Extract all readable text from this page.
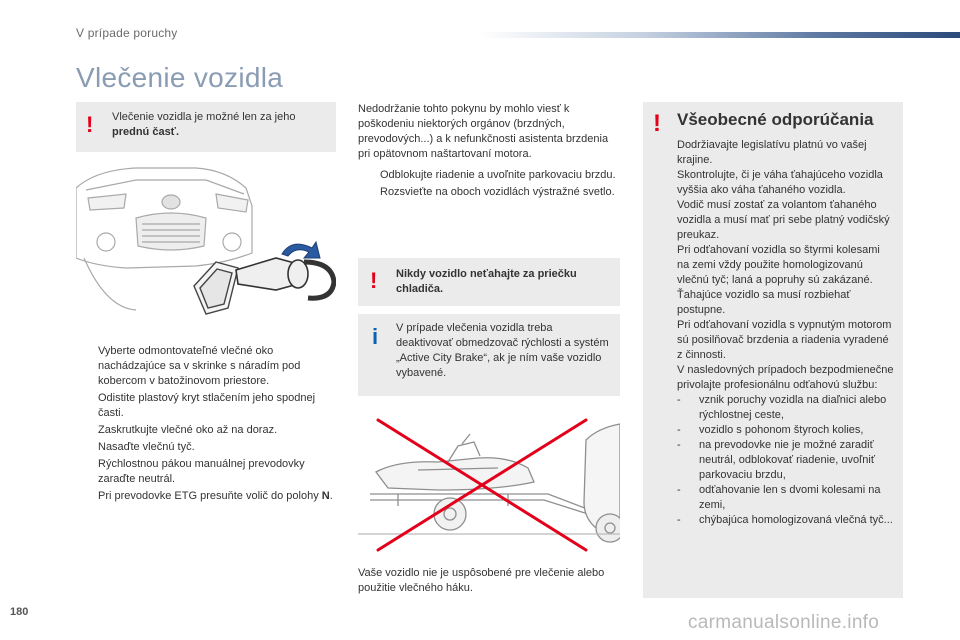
V prípade poruchy
Vlečenie vozidla
! Vlečenie vozidla je možné len za jeho
prednú časť.
Vyberte odmontovateľné vlečné oko nachádzajúce sa v skrinke s náradím pod kobercom v batožinovom priestore.
Odistite plastový kryt stlačením jeho spodnej časti.
Zaskrutkujte vlečné oko až na doraz.
Nasaďte vlečnú tyč.
Rýchlostnou pákou manuálnej prevodovky zaraďte neutrál.
Pri prevodovke ETG presuňte volič do polohy N.
Nedodržanie tohto pokynu by mohlo viesť k poškodeniu niektorých orgánov (brzdných, prevodových...) a k nefunkčnosti asistenta brzdenia pri opätovnom naštartovaní motora.
Odblokujte riadenie a uvoľnite parkovaciu brzdu.
Rozsvieťte na oboch vozidlách výstražné svetlo.
! Nikdy vozidlo neťahajte za priečku chladiča.
i V prípade vlečenia vozidla treba deaktivovať obmedzovač rýchlosti a systém „Active City Brake“, ak je ním vaše vozidlo vybavené.
Vaše vozidlo nie je uspôsobené pre vlečenie alebo použitie vlečného háku.
! Všeobecné odporúčania

Dodržiavajte legislatívu platnú vo vašej krajine.

Skontrolujte, či je váha ťahajúceho vozidla vyššia ako váha ťahaného vozidla.

Vodič musí zostať za volantom ťahaného vozidla a musí mať pri sebe platný vodičský preukaz.

Pri odťahovaní vozidla so štyrmi kolesami na zemi vždy použite homologizovanú vlečnú tyč; laná a popruhy sú zakázané.

Ťahajúce vozidlo sa musí rozbiehať postupne.

Pri odťahovaní vozidla s vypnutým motorom sú posilňovač brzdenia a riadenia vyradené z činnosti.

V nasledovných prípadoch bezpodmienečne privolajte profesionálnu odťahovú službu:

- vznik poruchy vozidla na diaľnici alebo rýchlostnej ceste,
- vozidlo s pohonom štyroch kolies,
- na prevodovke nie je možné zaradiť neutrál, odblokovať riadenie, uvoľniť parkovaciu brzdu,
- odťahovanie len s dvomi kolesami na zemi,
- chýbajúca homologizovaná vlečná tyč...
180	carmanualsonline.info
